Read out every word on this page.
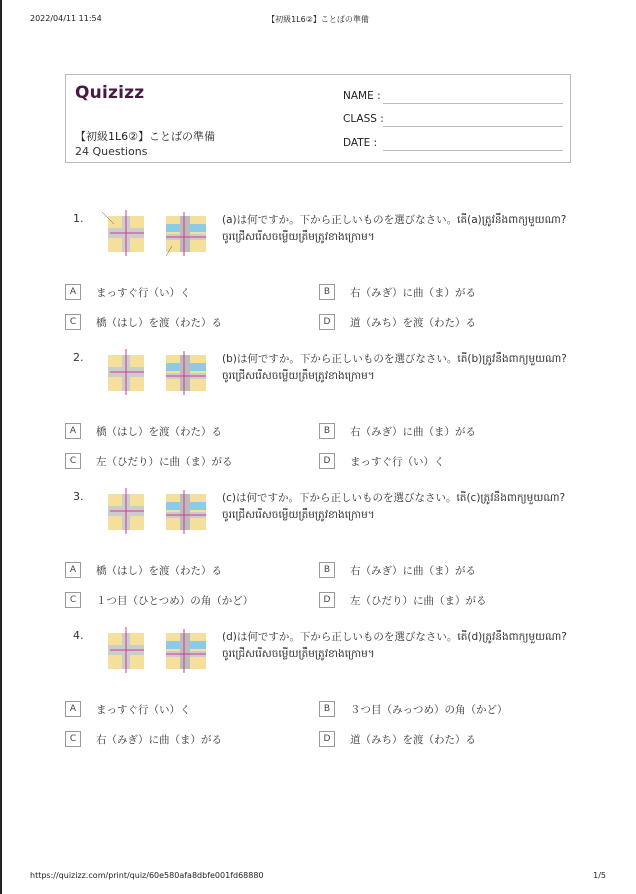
2022/04/11 11:54	【初級1L6②】ことばの準備
Quizizz
【初級1L6②】ことばの準備
24 Questions
NAME :
CLASS :
DATE :
1.	(a)は何ですか。下から正しいものを選びなさい。តើ(a)ត្រូវនឹងពាក្យមួយណា? ចូរជ្រើសរើសចម្លើយត្រឹមត្រូវខាងក្រោម។
A	まっすぐ行（い）く	B	右（みぎ）に曲（ま）がる
C	橋（はし）を渡（わた）る	D	道（みち）を渡（わた）る
2.	(b)は何ですか。下から正しいものを選びなさい。តើ(b)ត្រូវនឹងពាក្យមួយណា? ចូរជ្រើសរើសចម្លើយត្រឹមត្រូវខាងក្រោម។
A	橋（はし）を渡（わた）る	B	右（みぎ）に曲（ま）がる
C	左（ひだり）に曲（ま）がる	D	まっすぐ行（い）く
3.	(c)は何ですか。下から正しいものを選びなさい。តើ(c)ត្រូវនឹងពាក្យមួយណា? ចូរជ្រើសរើសចម្លើយត្រឹមត្រូវខាងក្រោម។
A	橋（はし）を渡（わた）る	B	右（みぎ）に曲（ま）がる
C	１つ目（ひとつめ）の角（かど）	D	左（ひだり）に曲（ま）がる
4.	(d)は何ですか。下から正しいものを選びなさい。តើ(d)ត្រូវនឹងពាក្យមួយណា? ចូរជ្រើសរើសចម្លើយត្រឹមត្រូវខាងក្រោម។
A	まっすぐ行（い）く	B	３つ目（みっつめ）の角（かど）
C	右（みぎ）に曲（ま）がる	D	道（みち）を渡（わた）る
https://quizizz.com/print/quiz/60e580afa8dbfe001fd68880	1/5
